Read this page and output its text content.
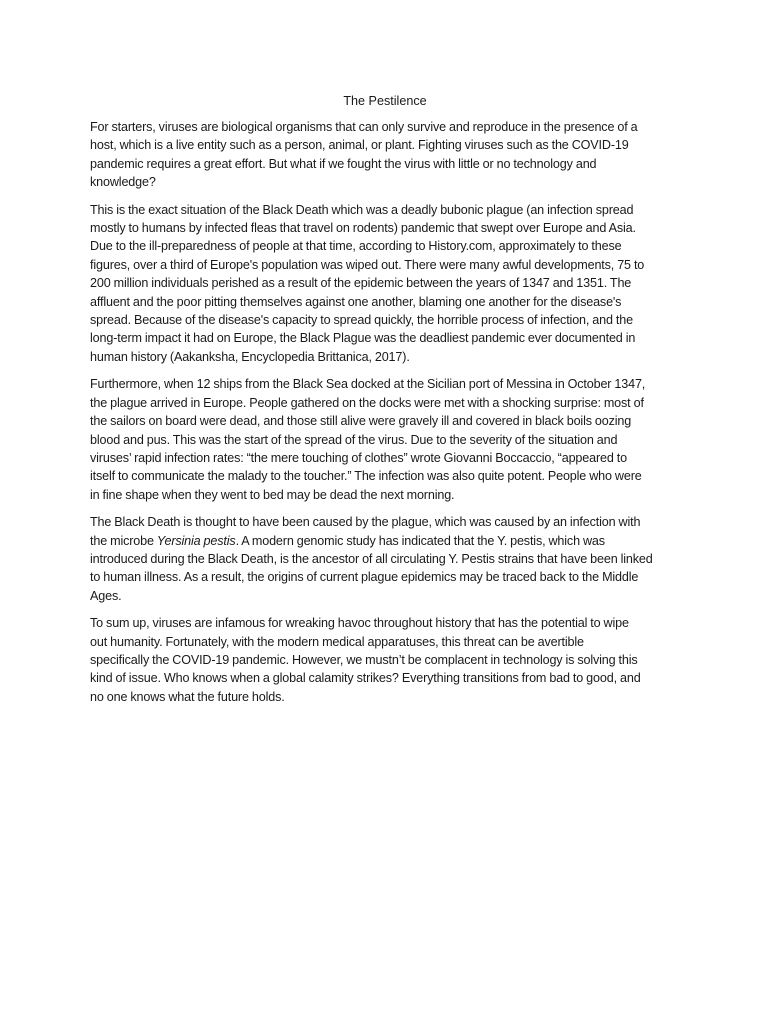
The Pestilence

For starters, viruses are biological organisms that can only survive and reproduce in the presence of a
host, which is a live entity such as a person, animal, or plant. Fighting viruses such as the COVID-19
pandemic requires a great effort. But what if we fought the virus with little or no technology and
knowledge?

This is the exact situation of the Black Death which was a deadly bubonic plague (an infection spread
mostly to humans by infected fleas that travel on rodents) pandemic that swept over Europe and Asia.
Due to the ill-preparedness of people at that time, according to History.com, approximately to these
figures, over a third of Europe's population was wiped out. There were many awful developments, 75 to
200 million individuals perished as a result of the epidemic between the years of 1347 and 1351. The
affluent and the poor pitting themselves against one another, blaming one another for the disease's
spread. Because of the disease's capacity to spread quickly, the horrible process of infection, and the
long-term impact it had on Europe, the Black Plague was the deadliest pandemic ever documented in
human history (Aakanksha, Encyclopedia Brittanica, 2017).

Furthermore, when 12 ships from the Black Sea docked at the Sicilian port of Messina in October 1347,
the plague arrived in Europe. People gathered on the docks were met with a shocking surprise: most of
the sailors on board were dead, and those still alive were gravely ill and covered in black boils oozing
blood and pus. This was the start of the spread of the virus. Due to the severity of the situation and
viruses’ rapid infection rates: “the mere touching of clothes” wrote Giovanni Boccaccio, “appeared to
itself to communicate the malady to the toucher.” The infection was also quite potent. People who were
in fine shape when they went to bed may be dead the next morning.

The Black Death is thought to have been caused by the plague, which was caused by an infection with
the microbe Yersinia pestis. A modern genomic study has indicated that the Y. pestis, which was
introduced during the Black Death, is the ancestor of all circulating Y. Pestis strains that have been linked
to human illness. As a result, the origins of current plague epidemics may be traced back to the Middle
Ages.

To sum up, viruses are infamous for wreaking havoc throughout history that has the potential to wipe
out humanity. Fortunately, with the modern medical apparatuses, this threat can be avertible
specifically the COVID-19 pandemic. However, we mustn’t be complacent in technology is solving this
kind of issue. Who knows when a global calamity strikes? Everything transitions from bad to good, and
no one knows what the future holds.
